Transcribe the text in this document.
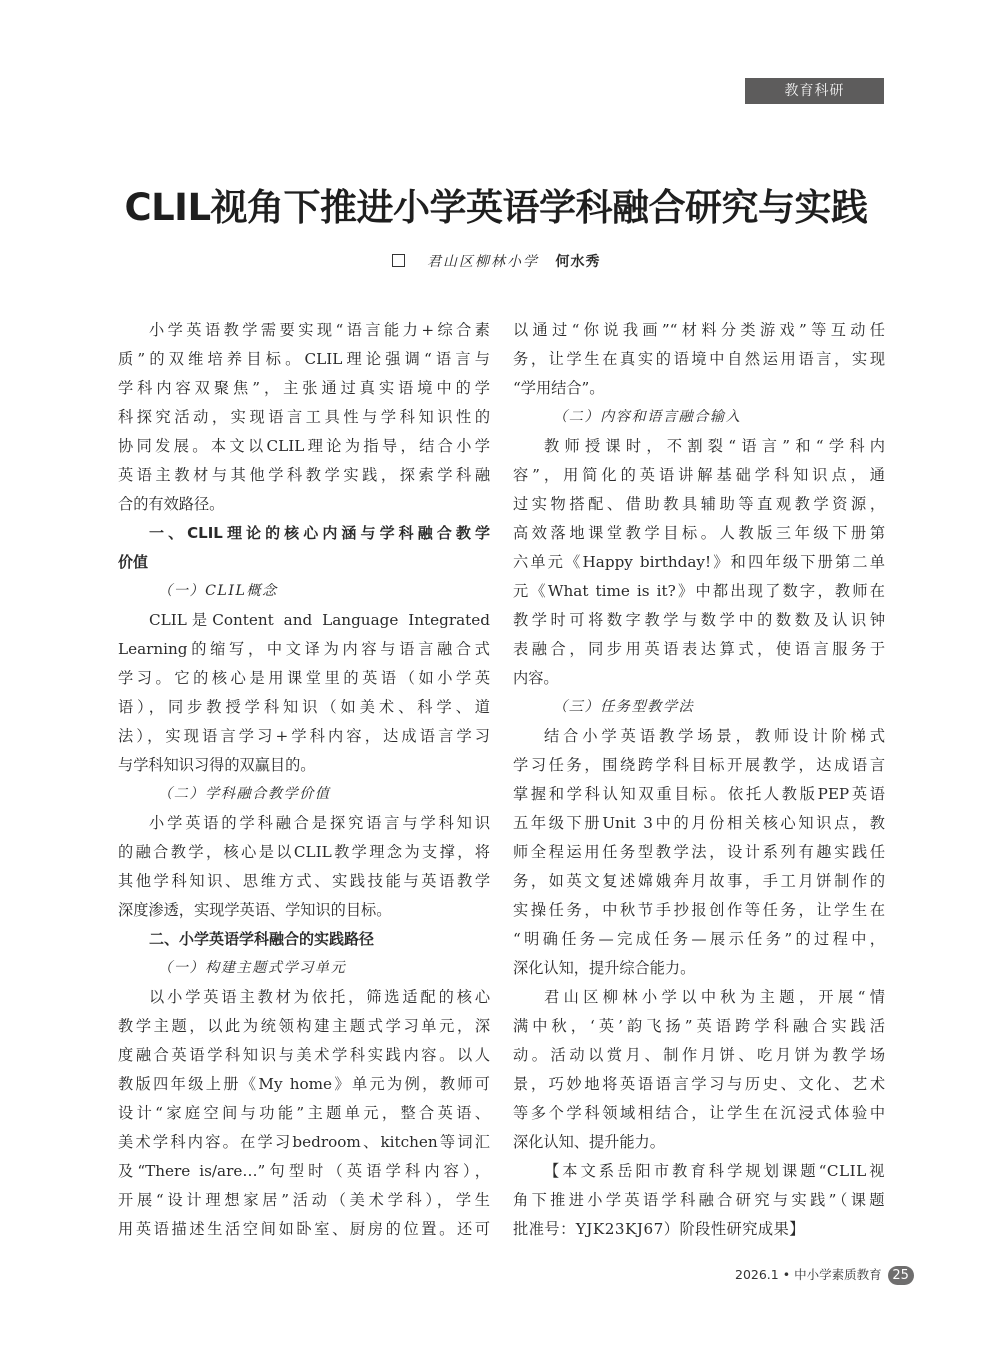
教育科研
CLIL视角下推进小学英语学科融合研究与实践
君山区柳林小学 何水秀
小学英语教学需要实现“语言能力+综合素
质”的双维培养目标。CLIL理论强调“语言与
学科内容双聚焦”，主张通过真实语境中的学
科探究活动，实现语言工具性与学科知识性的
协同发展。本文以CLIL理论为指导，结合小学
英语主教材与其他学科教学实践，探索学科融
合的有效路径。
一、CLIL理论的核心内涵与学科融合教学
价值
（一）CLIL概念
CLIL是Content and Language Integrated
Learning的缩写，中文译为内容与语言融合式
学习。它的核心是用课堂里的英语（如小学英
语），同步教授学科知识（如美术、科学、道
法），实现语言学习+学科内容，达成语言学习
与学科知识习得的双赢目的。
（二）学科融合教学价值
小学英语的学科融合是探究语言与学科知识
的融合教学，核心是以CLIL教学理念为支撑，将
其他学科知识、思维方式、实践技能与英语教学
深度渗透，实现学英语、学知识的目标。
二、小学英语学科融合的实践路径
（一）构建主题式学习单元
以小学英语主教材为依托，筛选适配的核心
教学主题，以此为统领构建主题式学习单元，深
度融合英语学科知识与美术学科实践内容。以人
教版四年级上册《My home》单元为例，教师可
设计“家庭空间与功能”主题单元，整合英语、
美术学科内容。在学习bedroom、kitchen等词汇
及“There is/are…”句型时（英语学科内容），
开展“设计理想家居”活动（美术学科），学生
用英语描述生活空间如卧室、厨房的位置。还可
以通过“你说我画”“材料分类游戏”等互动任
务，让学生在真实的语境中自然运用语言，实现
“学用结合”。
（二）内容和语言融合输入
教师授课时，不割裂“语言”和“学科内
容”，用简化的英语讲解基础学科知识点，通
过实物搭配、借助教具辅助等直观教学资源，
高效落地课堂教学目标。人教版三年级下册第
六单元《Happy birthday!》和四年级下册第二单
元《What time is it?》中都出现了数字，教师在
教学时可将数字教学与数学中的数数及认识钟
表融合，同步用英语表达算式，使语言服务于
内容。
（三）任务型教学法
结合小学英语教学场景，教师设计阶梯式
学习任务，围绕跨学科目标开展教学，达成语言
掌握和学科认知双重目标。依托人教版PEP英语
五年级下册Unit 3中的月份相关核心知识点，教
师全程运用任务型教学法，设计系列有趣实践任
务，如英文复述嫦娥奔月故事，手工月饼制作的
实操任务，中秋节手抄报创作等任务，让学生在
“明确任务—完成任务—展示任务”的过程中，
深化认知，提升综合能力。
君山区柳林小学以中秋为主题，开展“情
满中秋，‘英’韵飞扬”英语跨学科融合实践活
动。活动以赏月、制作月饼、吃月饼为教学场
景，巧妙地将英语语言学习与历史、文化、艺术
等多个学科领域相结合，让学生在沉浸式体验中
深化认知、提升能力。
【本文系岳阳市教育科学规划课题“CLIL视
角下推进小学英语学科融合研究与实践”（课题
批准号：YJK23KJ67）阶段性研究成果】
2026.1 • 中小学素质教育 25
